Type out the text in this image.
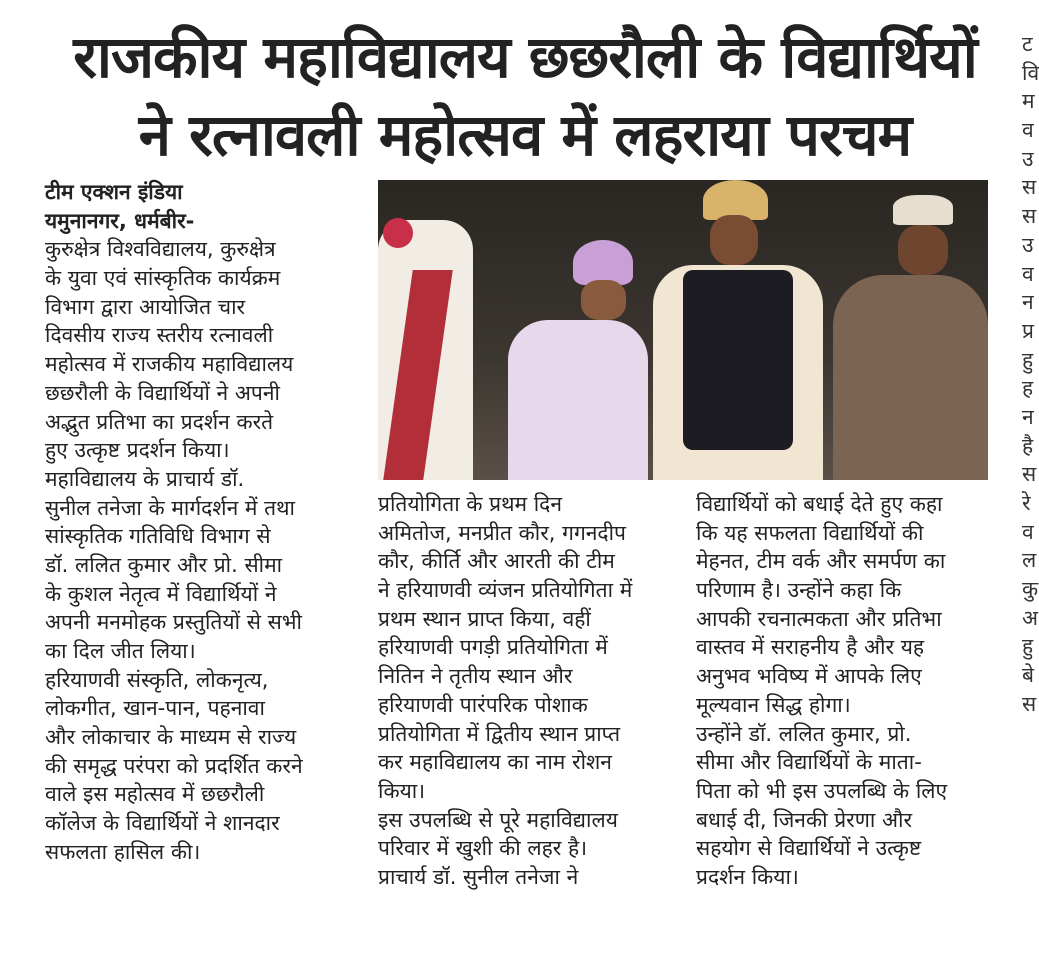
राजकीय महाविद्यालय छछरौली के विद्यार्थियों
ने रत्नावली महोत्सव में लहराया परचम
टीम एक्शन इंडिया
यमुनानगर, धर्मबीर-
कुरुक्षेत्र विश्वविद्यालय, कुरुक्षेत्र
के युवा एवं सांस्कृतिक कार्यक्रम
विभाग द्वारा आयोजित चार
दिवसीय राज्य स्तरीय रत्नावली
महोत्सव में राजकीय महाविद्यालय
छछरौली के विद्यार्थियों ने अपनी
अद्भुत प्रतिभा का प्रदर्शन करते
हुए उत्कृष्ट प्रदर्शन किया।
महाविद्यालय के प्राचार्य डॉ.
सुनील तनेजा के मार्गदर्शन में तथा
सांस्कृतिक गतिविधि विभाग से
डॉ. ललित कुमार और प्रो. सीमा
के कुशल नेतृत्व में विद्यार्थियों ने
अपनी मनमोहक प्रस्तुतियों से सभी
का दिल जीत लिया।
हरियाणवी संस्कृति, लोकनृत्य,
लोकगीत, खान-पान, पहनावा
और लोकाचार के माध्यम से राज्य
की समृद्ध परंपरा को प्रदर्शित करने
वाले इस महोत्सव में छछरौली
कॉलेज के विद्यार्थियों ने शानदार
सफलता हासिल की।
प्रतियोगिता के प्रथम दिन
अमितोज, मनप्रीत कौर, गगनदीप
कौर, कीर्ति और आरती की टीम
ने हरियाणवी व्यंजन प्रतियोगिता में
प्रथम स्थान प्राप्त किया, वहीं
हरियाणवी पगड़ी प्रतियोगिता में
नितिन ने तृतीय स्थान और
हरियाणवी पारंपरिक पोशाक
प्रतियोगिता में द्वितीय स्थान प्राप्त
कर महाविद्यालय का नाम रोशन
किया।
इस उपलब्धि से पूरे महाविद्यालय
परिवार में खुशी की लहर है।
प्राचार्य डॉ. सुनील तनेजा ने
विद्यार्थियों को बधाई देते हुए कहा
कि यह सफलता विद्यार्थियों की
मेहनत, टीम वर्क और समर्पण का
परिणाम है। उन्होंने कहा कि
आपकी रचनात्मकता और प्रतिभा
वास्तव में सराहनीय है और यह
अनुभव भविष्य में आपके लिए
मूल्यवान सिद्ध होगा।
उन्होंने डॉ. ललित कुमार, प्रो.
सीमा और विद्यार्थियों के माता-
पिता को भी इस उपलब्धि के लिए
बधाई दी, जिनकी प्रेरणा और
सहयोग से विद्यार्थियों ने उत्कृष्ट
प्रदर्शन किया।
ट
वि
म
व
उ
स
स
उ
व
न
प्र
हु
ह
न
है
स
रे
व
ल
कु
अ
हु
बे
स
